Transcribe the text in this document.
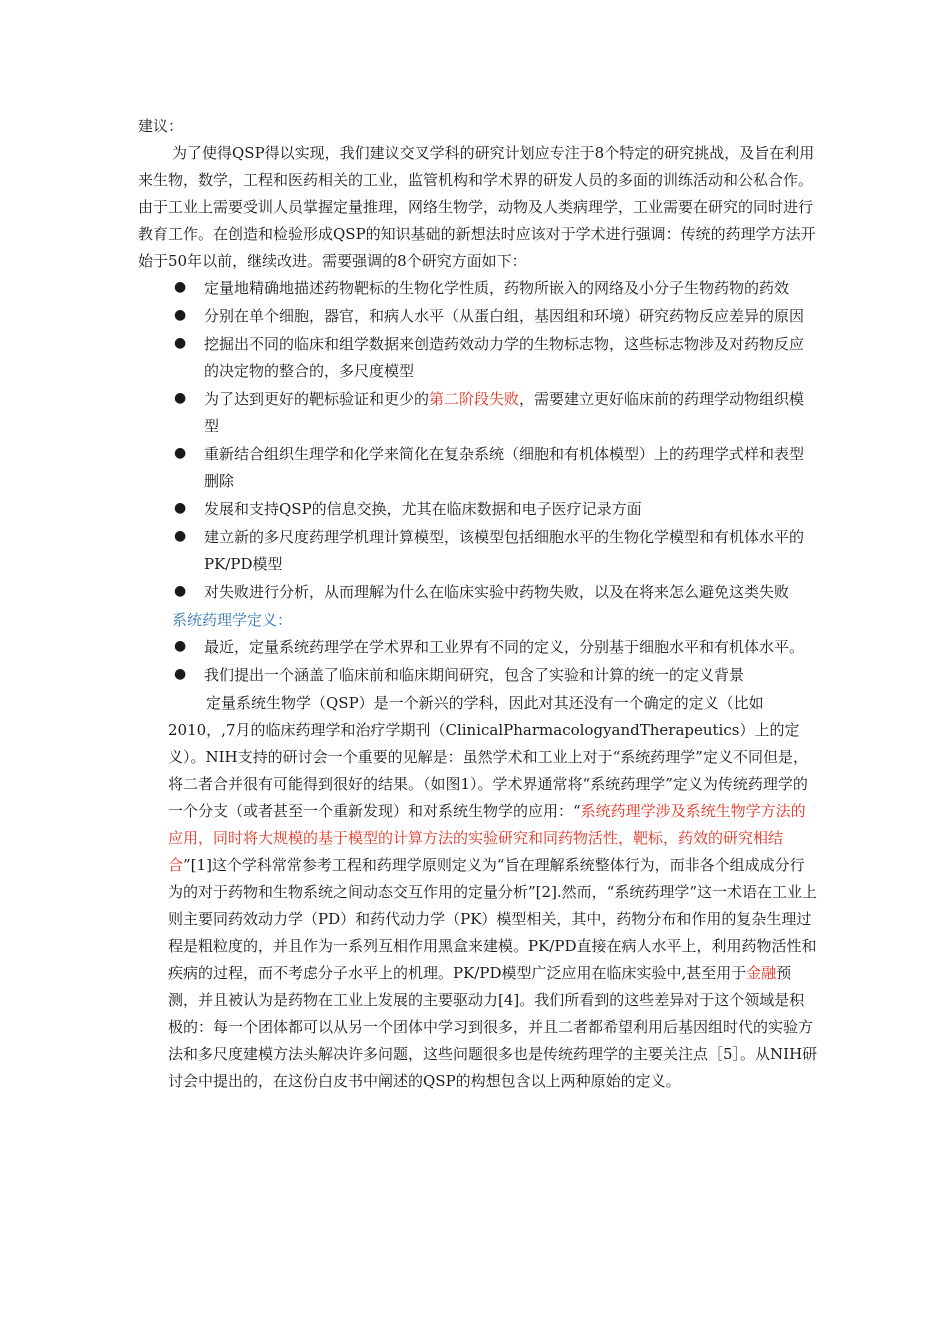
建议：

为了使得QSP得以实现，我们建议交叉学科的研究计划应专注于8个特定的研究挑战，及旨在利用来生物，数学，工程和医药相关的工业，监管机构和学术界的研发人员的多面的训练活动和公私合作。由于工业上需要受训人员掌握定量推理，网络生物学，动物及人类病理学，工业需要在研究的同时进行教育工作。在创造和检验形成QSP的知识基础的新想法时应该对于学术进行强调：传统的药理学方法开始于50年以前，继续改进。需要强调的8个研究方面如下：

● 定量地精确地描述药物靶标的生物化学性质，药物所嵌入的网络及小分子生物药物的药效
● 分别在单个细胞，器官，和病人水平（从蛋白组，基因组和环境）研究药物反应差异的原因
● 挖掘出不同的临床和组学数据来创造药效动力学的生物标志物，这些标志物涉及对药物反应的决定物的整合的，多尺度模型
● 为了达到更好的靶标验证和更少的第二阶段失败，需要建立更好临床前的药理学动物组织模型
● 重新结合组织生理学和化学来简化在复杂系统（细胞和有机体模型）上的药理学式样和表型删除
● 发展和支持QSP的信息交换，尤其在临床数据和电子医疗记录方面
● 建立新的多尺度药理学机理计算模型，该模型包括细胞水平的生物化学模型和有机体水平的PK/PD模型
● 对失败进行分析，从而理解为什么在临床实验中药物失败，以及在将来怎么避免这类失败

系统药理学定义：

● 最近，定量系统药理学在学术界和工业界有不同的定义，分别基于细胞水平和有机体水平。
● 我们提出一个涵盖了临床前和临床期间研究，包含了实验和计算的统一的定义背景

定量系统生物学（QSP）是一个新兴的学科，因此对其还没有一个确定的定义（比如2010，,7月的临床药理学和治疗学期刊（ClinicalPharmacologyandTherapeutics）上的定义）。NIH支持的研讨会一个重要的见解是：虽然学术和工业上对于“系统药理学”定义不同但是，将二者合并很有可能得到很好的结果。（如图1）。学术界通常将“系统药理学”定义为传统药理学的一个分支（或者甚至一个重新发现）和对系统生物学的应用：“系统药理学涉及系统生物学方法的应用，同时将大规模的基于模型的计算方法的实验研究和同药物活性，靶标，药效的研究相结合”[1]这个学科常常参考工程和药理学原则定义为“旨在理解系统整体行为，而非各个组成成分行为的对于药物和生物系统之间动态交互作用的定量分析”[2].然而，“系统药理学”这一术语在工业上则主要同药效动力学（PD）和药代动力学（PK）模型相关，其中，药物分布和作用的复杂生理过程是粗粒度的，并且作为一系列互相作用黑盒来建模。PK/PD直接在病人水平上，利用药物活性和疾病的过程，而不考虑分子水平上的机理。PK/PD模型广泛应用在临床实验中,甚至用于金融预测，并且被认为是药物在工业上发展的主要驱动力[4]。我们所看到的这些差异对于这个领域是积极的：每一个团体都可以从另一个团体中学习到很多，并且二者都希望利用后基因组时代的实验方法和多尺度建模方法头解决许多问题，这些问题很多也是传统药理学的主要关注点［5］。从NIH研讨会中提出的，在这份白皮书中阐述的QSP的构想包含以上两种原始的定义。
